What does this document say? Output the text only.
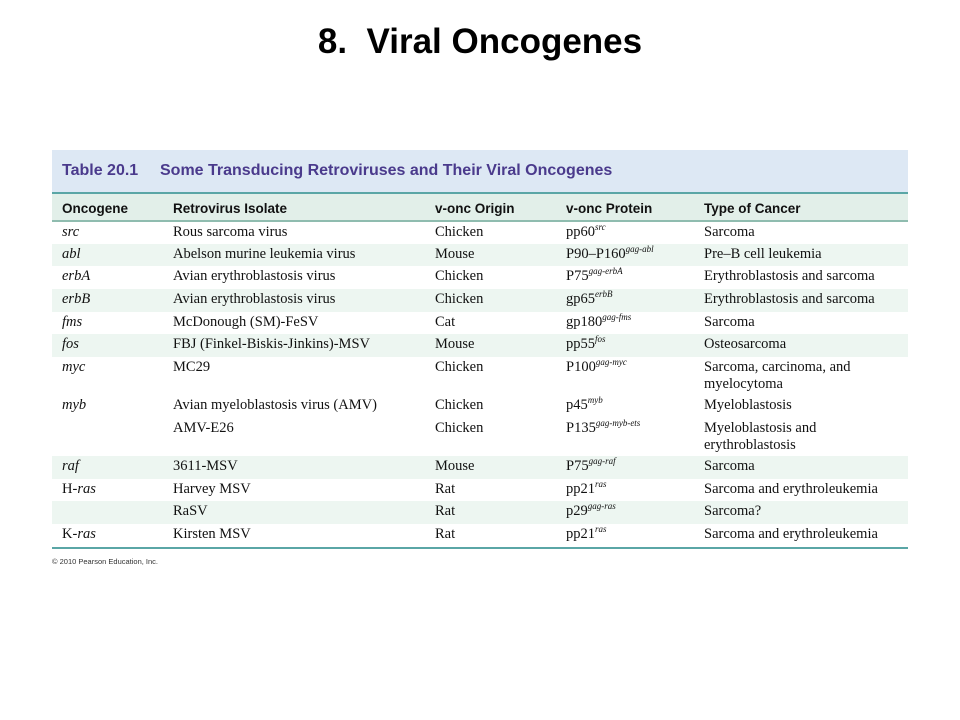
8.  Viral Oncogenes
Table 20.1	Some Transducing Retroviruses and Their Viral Oncogenes
Oncogene	Retrovirus Isolate	v-onc Origin	v-onc Protein	Type of Cancer
src	Rous sarcoma virus	Chicken	$pp60^{src}$	Sarcoma
abl	Abelson murine leukemia virus	Mouse	$P90-P160^{gag-abl}$	Pre–B cell leukemia
erbA	Avian erythroblastosis virus	Chicken	$P75^{gag-erbA}$	Erythroblastosis and sarcoma
erbB	Avian erythroblastosis virus	Chicken	$gp65^{erbB}$	Erythroblastosis and sarcoma
fms	McDonough (SM)-FeSV	Cat	$gp180^{gag-fms}$	Sarcoma
fos	FBJ (Finkel-Biskis-Jinkins)-MSV	Mouse	$pp55^{fos}$	Osteosarcoma
myc	MC29	Chicken	$P100^{gag-myc}$	Sarcoma, carcinoma, and myelocytoma
myb	Avian myeloblastosis virus (AMV)	Chicken	$p45^{myb}$	Myeloblastosis
	AMV-E26	Chicken	$P135^{gag-myb-ets}$	Myeloblastosis and erythroblastosis
raf	3611-MSV	Mouse	$P75^{gag-raf}$	Sarcoma
H-ras	Harvey MSV	Rat	$pp21^{ras}$	Sarcoma and erythroleukemia
	RaSV	Rat	$p29^{gag-ras}$	Sarcoma?
K-ras	Kirsten MSV	Rat	$pp21^{ras}$	Sarcoma and erythroleukemia
© 2010 Pearson Education, Inc.
